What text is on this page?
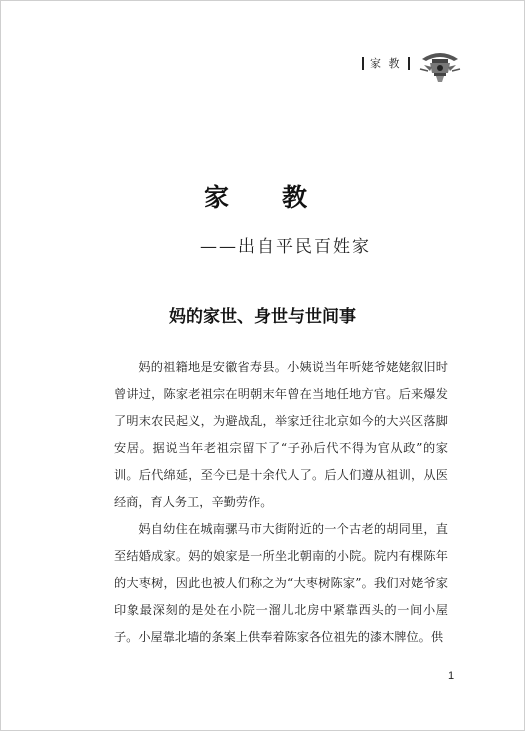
家 教
家　教
——出自平民百姓家
妈的家世、身世与世间事

妈的祖籍地是安徽省寿县。小姨说当年听姥爷姥姥叙旧时曾讲过，陈家老祖宗在明朝末年曾在当地任地方官。后来爆发了明末农民起义，为避战乱，举家迁往北京如今的大兴区落脚安居。据说当年老祖宗留下了“子孙后代不得为官从政”的家训。后代绵延，至今已是十余代人了。后人们遵从祖训，从医经商，育人务工，辛勤劳作。

妈自幼住在城南骡马市大街附近的一个古老的胡同里，直至结婚成家。妈的娘家是一所坐北朝南的小院。院内有棵陈年的大枣树，因此也被人们称之为“大枣树陈家”。我们对姥爷家印象最深刻的是处在小院一溜儿北房中紧靠西头的一间小屋子。小屋靠北墙的条案上供奉着陈家各位祖先的漆木牌位。供

1
